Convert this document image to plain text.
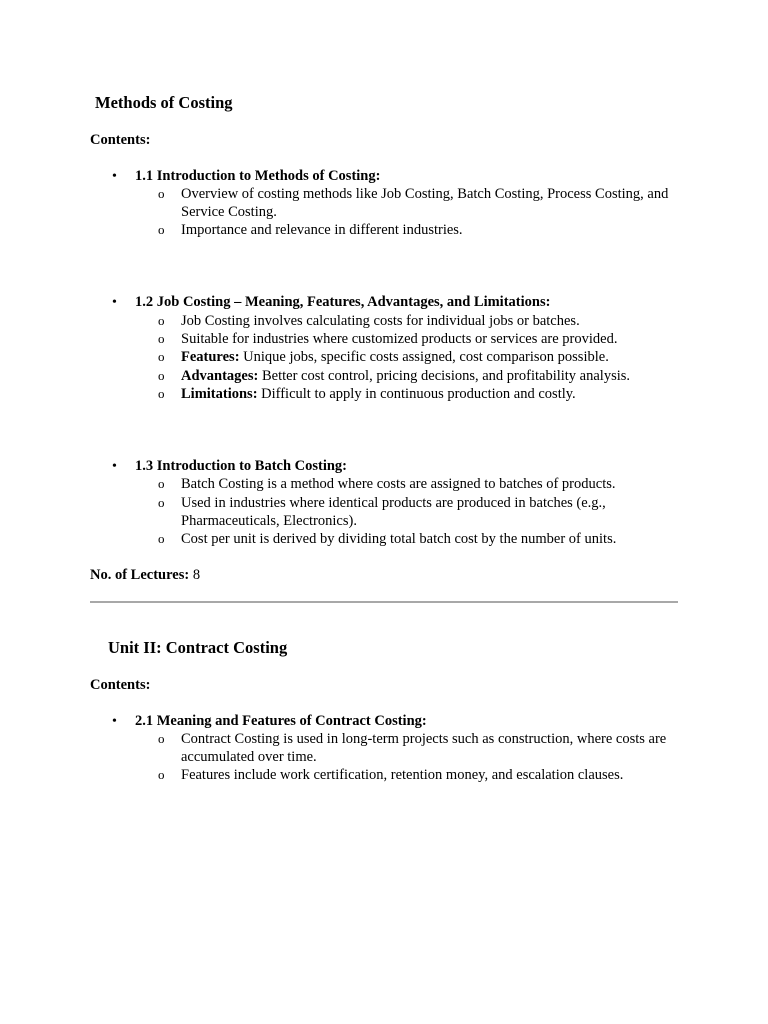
Methods of Costing
Contents:
• 1.1 Introduction to Methods of Costing:
o Overview of costing methods like Job Costing, Batch Costing, Process Costing, and Service Costing.
o Importance and relevance in different industries.
• 1.2 Job Costing – Meaning, Features, Advantages, and Limitations:
o Job Costing involves calculating costs for individual jobs or batches.
o Suitable for industries where customized products or services are provided.
o Features: Unique jobs, specific costs assigned, cost comparison possible.
o Advantages: Better cost control, pricing decisions, and profitability analysis.
o Limitations: Difficult to apply in continuous production and costly.
• 1.3 Introduction to Batch Costing:
o Batch Costing is a method where costs are assigned to batches of products.
o Used in industries where identical products are produced in batches (e.g., Pharmaceuticals, Electronics).
o Cost per unit is derived by dividing total batch cost by the number of units.
No. of Lectures: 8
Unit II: Contract Costing
Contents:
• 2.1 Meaning and Features of Contract Costing:
o Contract Costing is used in long-term projects such as construction, where costs are accumulated over time.
o Features include work certification, retention money, and escalation clauses.
